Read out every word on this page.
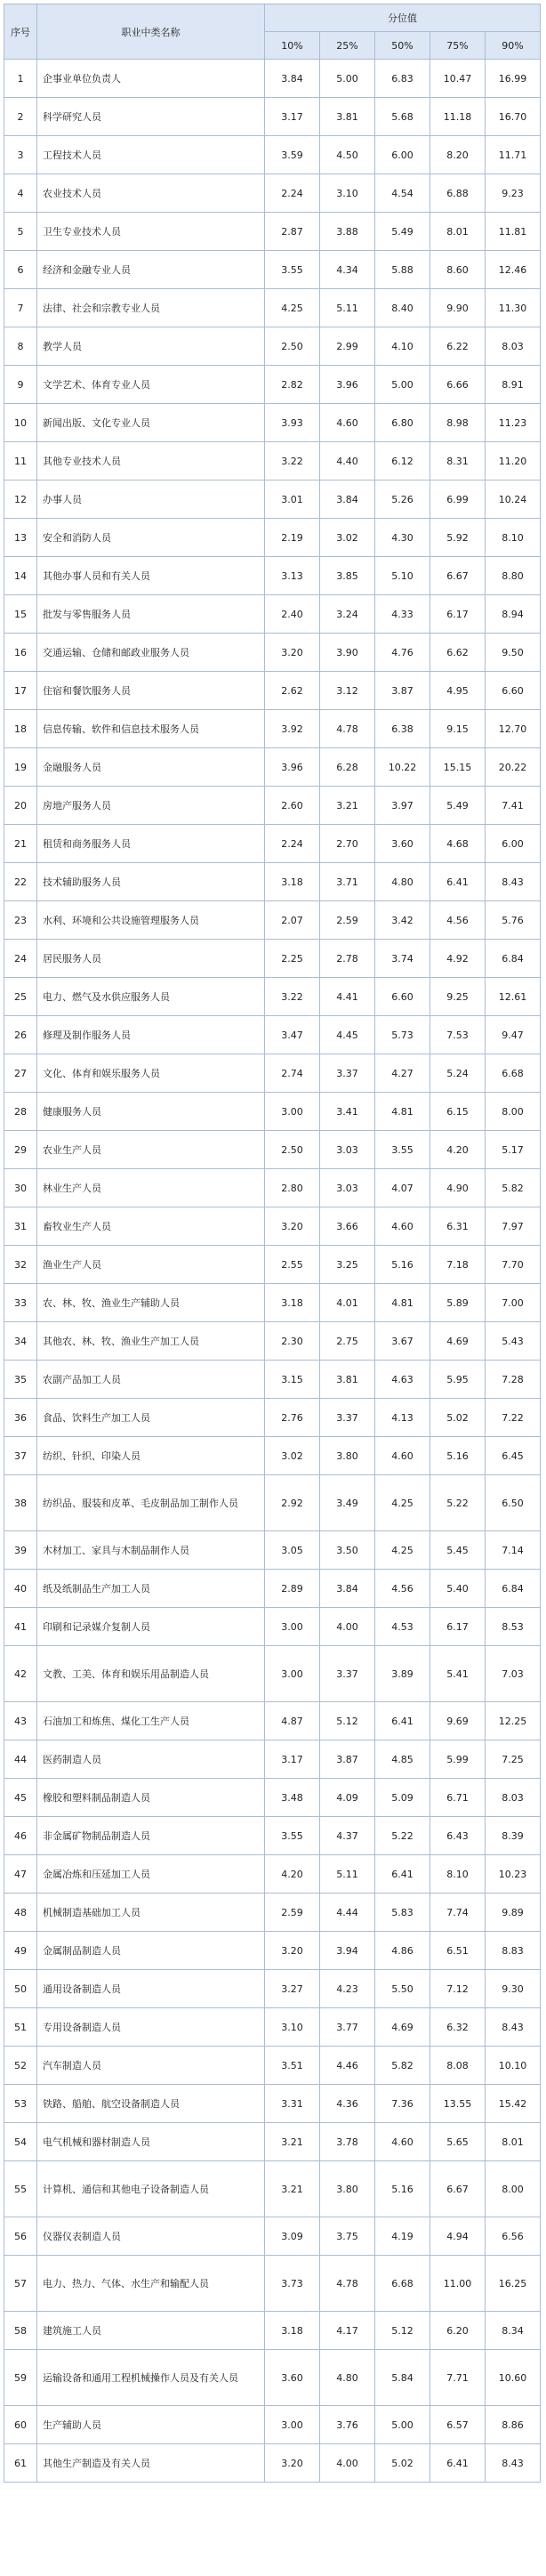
序号	职业中类名称	分位值				
		10%	25%	50%	75%	90%
1	企事业单位负责人	3.84	5.00	6.83	10.47	16.99
2	科学研究人员	3.17	3.81	5.68	11.18	16.70
3	工程技术人员	3.59	4.50	6.00	8.20	11.71
4	农业技术人员	2.24	3.10	4.54	6.88	9.23
5	卫生专业技术人员	2.87	3.88	5.49	8.01	11.81
6	经济和金融专业人员	3.55	4.34	5.88	8.60	12.46
7	法律、社会和宗教专业人员	4.25	5.11	8.40	9.90	11.30
8	教学人员	2.50	2.99	4.10	6.22	8.03
9	文学艺术、体育专业人员	2.82	3.96	5.00	6.66	8.91
10	新闻出版、文化专业人员	3.93	4.60	6.80	8.98	11.23
11	其他专业技术人员	3.22	4.40	6.12	8.31	11.20
12	办事人员	3.01	3.84	5.26	6.99	10.24
13	安全和消防人员	2.19	3.02	4.30	5.92	8.10
14	其他办事人员和有关人员	3.13	3.85	5.10	6.67	8.80
15	批发与零售服务人员	2.40	3.24	4.33	6.17	8.94
16	交通运输、仓储和邮政业服务人员	3.20	3.90	4.76	6.62	9.50
17	住宿和餐饮服务人员	2.62	3.12	3.87	4.95	6.60
18	信息传输、软件和信息技术服务人员	3.92	4.78	6.38	9.15	12.70
19	金融服务人员	3.96	6.28	10.22	15.15	20.22
20	房地产服务人员	2.60	3.21	3.97	5.49	7.41
21	租赁和商务服务人员	2.24	2.70	3.60	4.68	6.00
22	技术辅助服务人员	3.18	3.71	4.80	6.41	8.43
23	水利、环境和公共设施管理服务人员	2.07	2.59	3.42	4.56	5.76
24	居民服务人员	2.25	2.78	3.74	4.92	6.84
25	电力、燃气及水供应服务人员	3.22	4.41	6.60	9.25	12.61
26	修理及制作服务人员	3.47	4.45	5.73	7.53	9.47
27	文化、体育和娱乐服务人员	2.74	3.37	4.27	5.24	6.68
28	健康服务人员	3.00	3.41	4.81	6.15	8.00
29	农业生产人员	2.50	3.03	3.55	4.20	5.17
30	林业生产人员	2.80	3.03	4.07	4.90	5.82
31	畜牧业生产人员	3.20	3.66	4.60	6.31	7.97
32	渔业生产人员	2.55	3.25	5.16	7.18	7.70
33	农、林、牧、渔业生产辅助人员	3.18	4.01	4.81	5.89	7.00
34	其他农、林、牧、渔业生产加工人员	2.30	2.75	3.67	4.69	5.43
35	农副产品加工人员	3.15	3.81	4.63	5.95	7.28
36	食品、饮料生产加工人员	2.76	3.37	4.13	5.02	7.22
37	纺织、针织、印染人员	3.02	3.80	4.60	5.16	6.45
38	纺织品、服装和皮革、毛皮制品加工制作人员	2.92	3.49	4.25	5.22	6.50
39	木材加工、家具与木制品制作人员	3.05	3.50	4.25	5.45	7.14
40	纸及纸制品生产加工人员	2.89	3.84	4.56	5.40	6.84
41	印刷和记录媒介复制人员	3.00	4.00	4.53	6.17	8.53
42	文教、工美、体育和娱乐用品制造人员	3.00	3.37	3.89	5.41	7.03
43	石油加工和炼焦、煤化工生产人员	4.87	5.12	6.41	9.69	12.25
44	医药制造人员	3.17	3.87	4.85	5.99	7.25
45	橡胶和塑料制品制造人员	3.48	4.09	5.09	6.71	8.03
46	非金属矿物制品制造人员	3.55	4.37	5.22	6.43	8.39
47	金属冶炼和压延加工人员	4.20	5.11	6.41	8.10	10.23
48	机械制造基础加工人员	2.59	4.44	5.83	7.74	9.89
49	金属制品制造人员	3.20	3.94	4.86	6.51	8.83
50	通用设备制造人员	3.27	4.23	5.50	7.12	9.30
51	专用设备制造人员	3.10	3.77	4.69	6.32	8.43
52	汽车制造人员	3.51	4.46	5.82	8.08	10.10
53	铁路、船舶、航空设备制造人员	3.31	4.36	7.36	13.55	15.42
54	电气机械和器材制造人员	3.21	3.78	4.60	5.65	8.01
55	计算机、通信和其他电子设备制造人员	3.21	3.80	5.16	6.67	8.00
56	仪器仪表制造人员	3.09	3.75	4.19	4.94	6.56
57	电力、热力、气体、水生产和输配人员	3.73	4.78	6.68	11.00	16.25
58	建筑施工人员	3.18	4.17	5.12	6.20	8.34
59	运输设备和通用工程机械操作人员及有关人员	3.60	4.80	5.84	7.71	10.60
60	生产辅助人员	3.00	3.76	5.00	6.57	8.86
61	其他生产制造及有关人员	3.20	4.00	5.02	6.41	8.43
